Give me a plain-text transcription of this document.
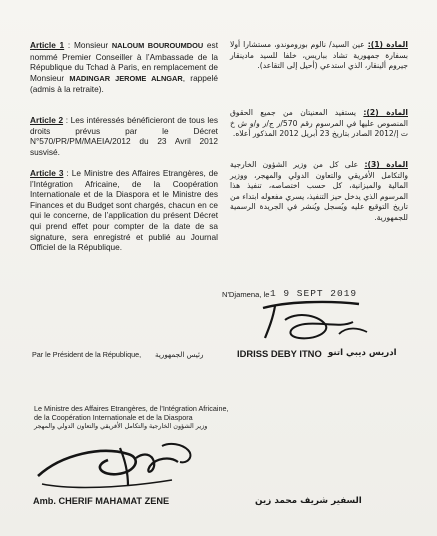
Article 1 : Monsieur NALOUM BOUROUMDOU est nommé Premier Conseiller à l’Ambassade de la République du Tchad à Paris, en remplacement de Monsieur MADINGAR JEROME ALNGAR, rappelé (admis à la retraite).
Article 2 : Les intéressés bénéficieront de tous les droits prévus par le Décret N°570/PR/PM/MAEIA/2012 du 23 Avril 2012 susvisé.
Article 3 : Le Ministre des Affaires Etrangères, de l’Intégration Africaine, de la Coopération Internationale et de la Diaspora et le Ministre des Finances et du Budget sont chargés, chacun en ce qui le concerne, de l’application du présent Décret qui prend effet pour compter de la date de sa signature, sera enregistré et publié au Journal Officiel de la République.
المادة (1): عين السيد/ نالوم بوروموندو، مستشارا أولا بسفارة جمهورية تشاد بباريس، خلفا للسيد مادينقار جيروم ألينقار، الذي استدعي (أحيل إلى التقاعد).
المادة (2): يستفيد المعنيتان من جميع الحقوق المنصوص عليها في المرسوم رقم 570/ر ج/ر و/و ش خ ت إ/2012 الصادر بتاريخ 23 أبريل 2012 المذكور أعلاه.
المادة (3): على كل من وزير الشؤون الخارجية والتكامل الأفريقي والتعاون الدولي والمهجر، ووزير المالية والميزانية، كل حسب اختصاصه، تنفيذ هذا المرسوم الذي يدخل حيز التنفيذ، يسري مفعوله ابتداء من تاريخ التوقيع عليه ويُسجل ويُنشر في الجريدة الرسمية للجمهورية.
N'Djamena, le 1 9 SEPT 2019
Par le Président de la République, رئيس الجمهورية	IDRISS DEBY ITNO ادريس ديبي اتنو
Le Ministre des Affaires Etrangères, de l’Intégration Africaine,
de la Coopération Internationale et de la Diaspora
وزير الشؤون الخارجية والتكامل الأفريقي والتعاون الدولي والمهجر
Amb. CHERIF MAHAMAT ZENE	السفير شريف محمد زين
